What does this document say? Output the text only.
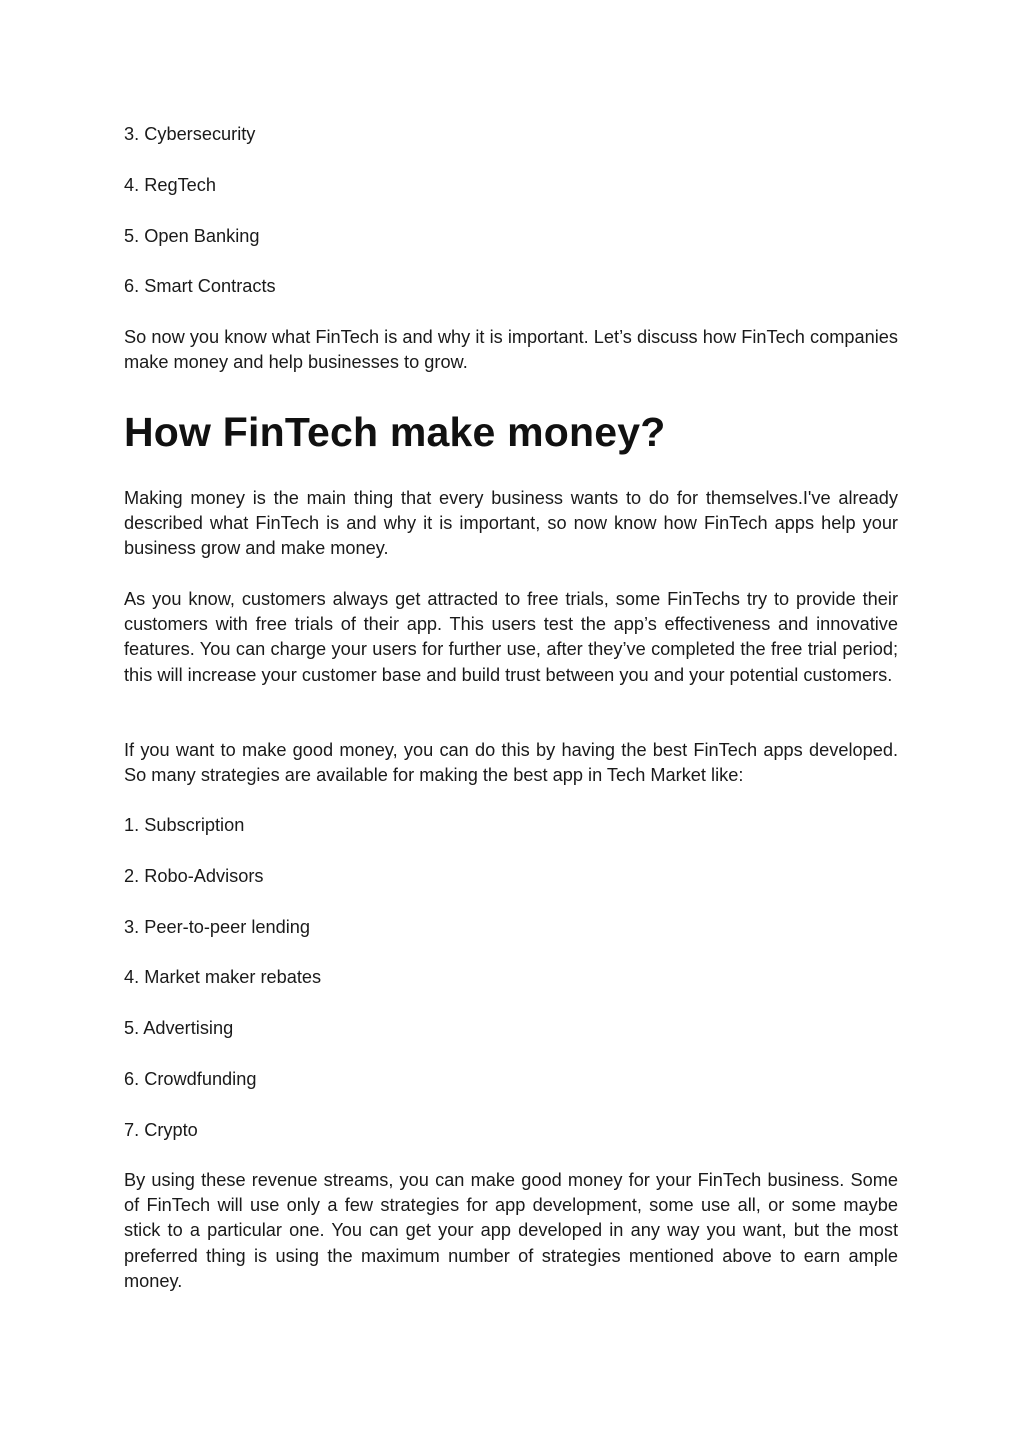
3. Cybersecurity

4. RegTech

5. Open Banking

6. Smart Contracts

So now you know what FinTech is and why it is important. Let’s discuss how FinTech companies make money and help businesses to grow.

How FinTech make money?

Making money is the main thing that every business wants to do for themselves.I've already described what FinTech is and why it is important, so now know how FinTech apps help your business grow and make money.

As you know, customers always get attracted to free trials, some FinTechs try to provide their customers with free trials of their app. This users test the app’s effectiveness and innovative features. You can charge your users for further use, after they’ve completed the free trial period; this will increase your customer base and build trust between you and your potential customers.

If you want to make good money, you can do this by having the best FinTech apps developed. So many strategies are available for making the best app in Tech Market like:

1. Subscription

2. Robo-Advisors

3. Peer-to-peer lending

4. Market maker rebates

5. Advertising

6. Crowdfunding

7. Crypto

By using these revenue streams, you can make good money for your FinTech business. Some of FinTech will use only a few strategies for app development, some use all, or some maybe stick to a particular one. You can get your app developed in any way you want, but the most preferred thing is using the maximum number of strategies mentioned above to earn ample money.
